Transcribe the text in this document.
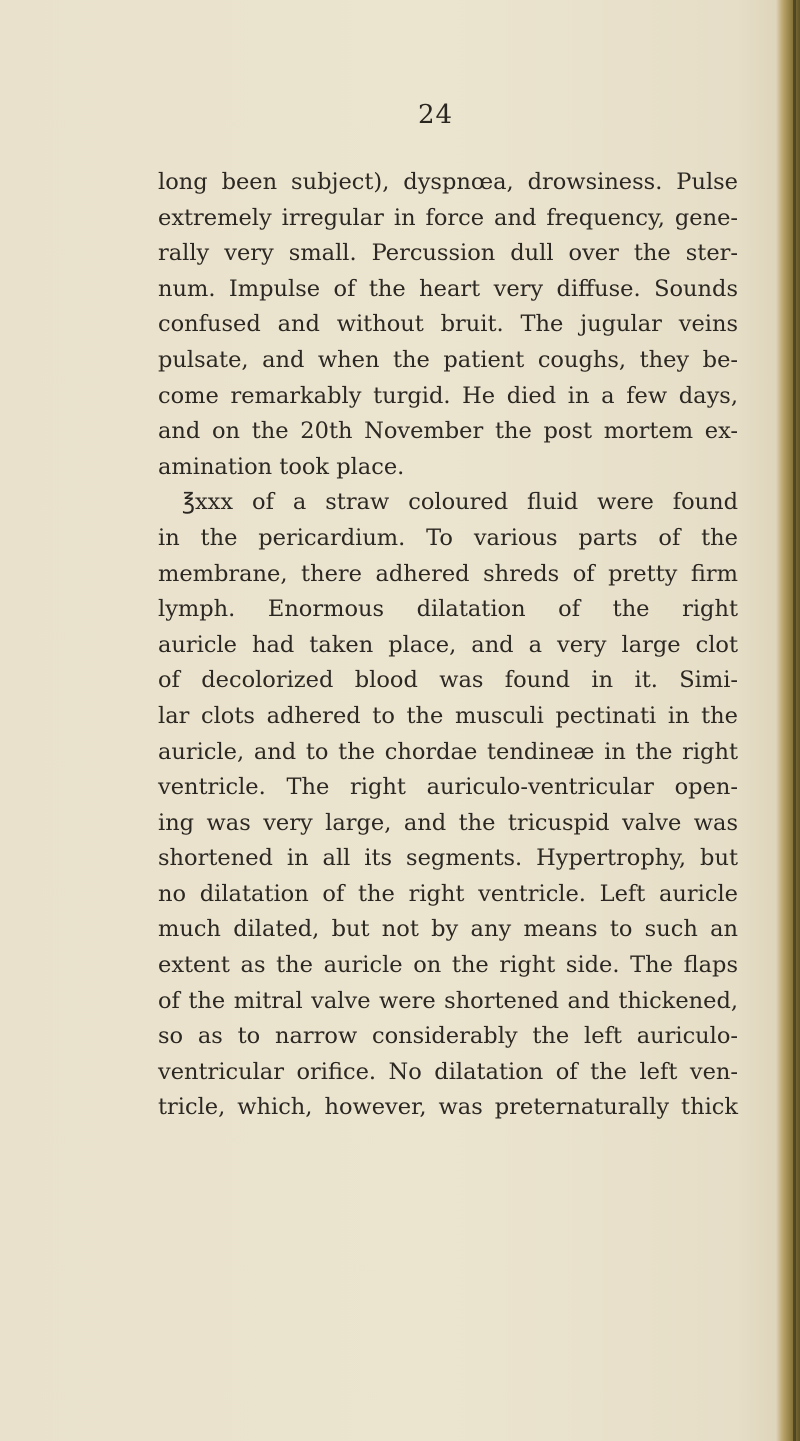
24
long been subject), dyspnœa, drowsiness. Pulse
extremely irregular in force and frequency, gene-
rally very small. Percussion dull over the ster-
num. Impulse of the heart very diffuse. Sounds
confused and without bruit. The jugular veins
pulsate, and when the patient coughs, they be-
come remarkably turgid. He died in a few days,
and on the 20th November the post mortem ex-
amination took place.
℥xxx of a straw coloured fluid were found
in the pericardium. To various parts of the
membrane, there adhered shreds of pretty firm
lymph. Enormous dilatation of the right
auricle had taken place, and a very large clot
of decolorized blood was found in it. Simi-
lar clots adhered to the musculi pectinati in the
auricle, and to the chordae tendineæ in the right
ventricle. The right auriculo-ventricular open-
ing was very large, and the tricuspid valve was
shortened in all its segments. Hypertrophy, but
no dilatation of the right ventricle. Left auricle
much dilated, but not by any means to such an
extent as the auricle on the right side. The flaps
of the mitral valve were shortened and thickened,
so as to narrow considerably the left auriculo-
ventricular orifice. No dilatation of the left ven-
tricle, which, however, was preternaturally thick
